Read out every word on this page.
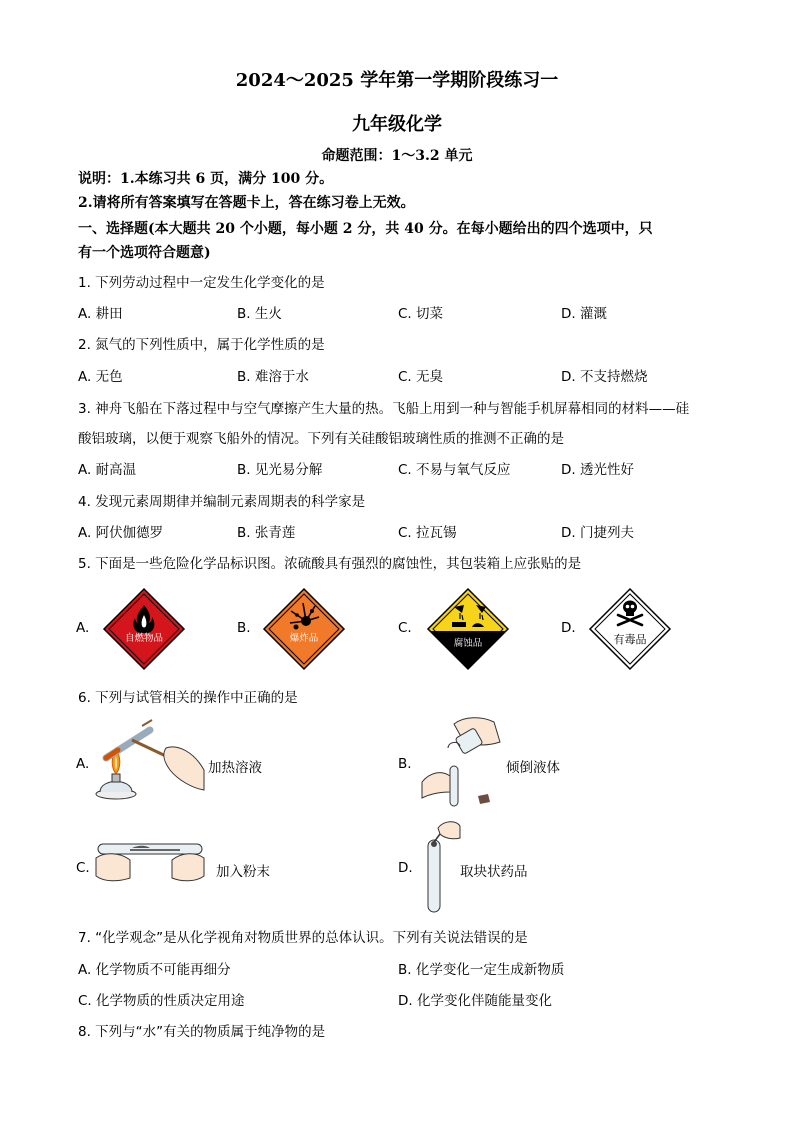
2024～2025 学年第一学期阶段练习一
九年级化学
命题范围：1～3.2 单元
说明：1.本练习共 6 页，满分 100 分。
2.请将所有答案填写在答题卡上，答在练习卷上无效。
一、选择题(本大题共 20 个小题，每小题 2 分，共 40 分。在每小题给出的四个选项中，只
有一个选项符合题意)
1. 下列劳动过程中一定发生化学变化的是
A. 耕田	B. 生火	C. 切菜	D. 灌溉
2. 氮气的下列性质中，属于化学性质的是
A. 无色	B. 难溶于水	C. 无臭	D. 不支持燃烧
3. 神舟飞船在下落过程中与空气摩擦产生大量的热。飞船上用到一种与智能手机屏幕相同的材料——硅
酸铝玻璃，以便于观察飞船外的情况。下列有关硅酸铝玻璃性质的推测不正确的是
A. 耐高温	B. 见光易分解	C. 不易与氧气反应	D. 透光性好
4. 发现元素周期律并编制元素周期表的科学家是
A. 阿伏伽德罗	B. 张青莲	C. 拉瓦锡	D. 门捷列夫
5. 下面是一些危险化学品标识图。浓硫酸具有强烈的腐蚀性，其包装箱上应张贴的是
A.
自燃物品
B.
爆炸品
C.
腐蚀品
D.
有毒品
6. 下列与试管相关的操作中正确的是
A.	加热溶液	B.	倾倒液体
C.	加入粉末	D.	取块状药品
7. “化学观念”是从化学视角对物质世界的总体认识。下列有关说法错误的是
A. 化学物质不可能再细分	B. 化学变化一定生成新物质
C. 化学物质的性质决定用途	D. 化学变化伴随能量变化
8. 下列与“水”有关的物质属于纯净物的是
